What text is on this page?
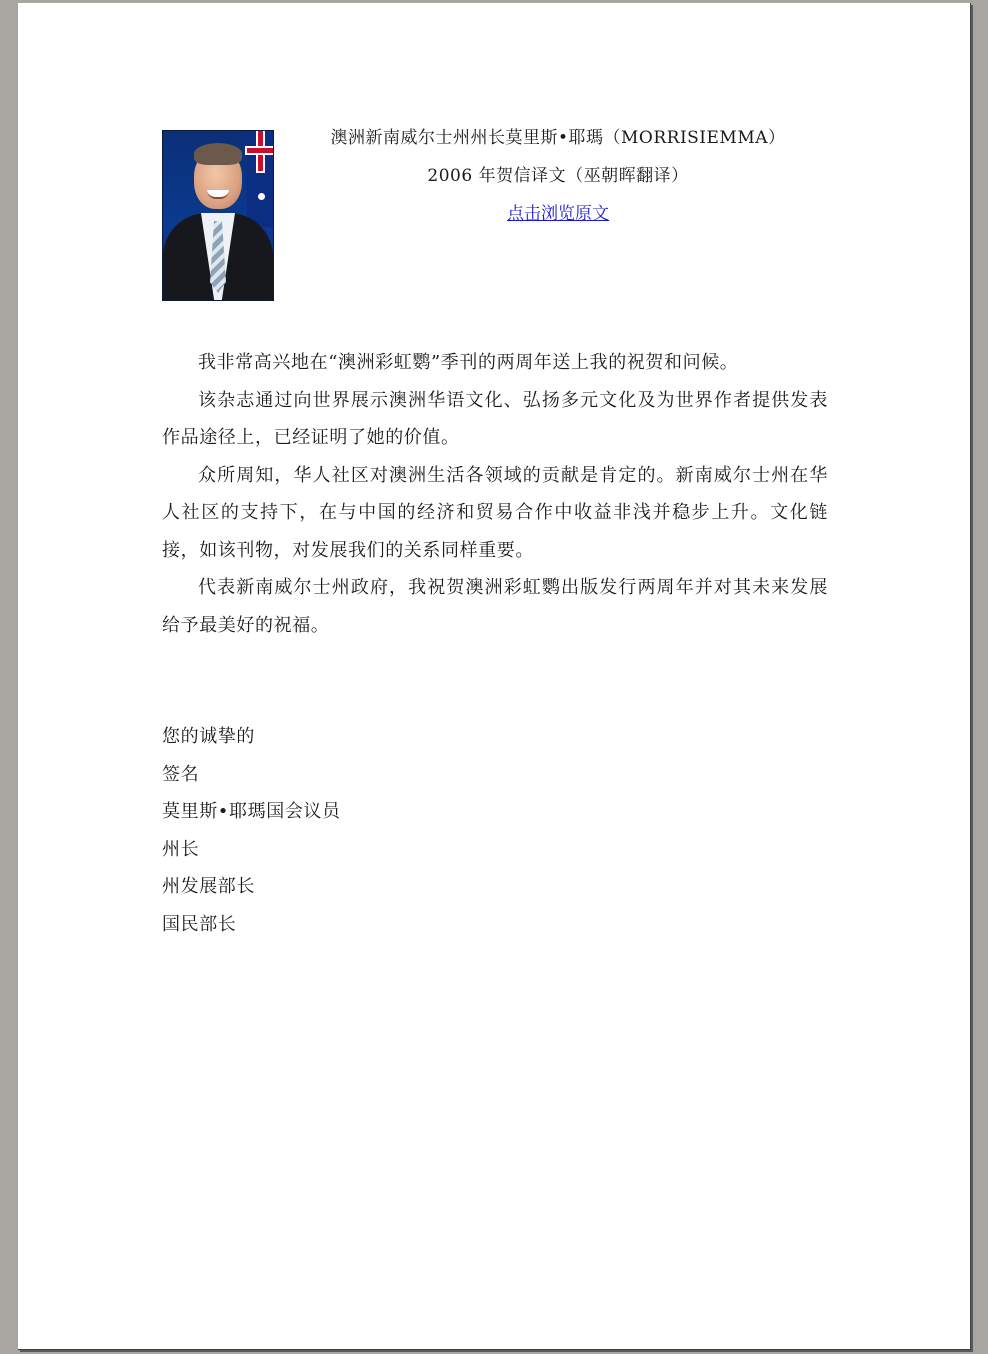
澳洲新南威尔士州州长莫里斯•耶瑪（MORRISIEMMA）
2006 年贺信译文（巫朝晖翻译）
点击浏览原文

我非常高兴地在“澳洲彩虹鹦”季刊的两周年送上我的祝贺和问候。

该杂志通过向世界展示澳洲华语文化、弘扬多元文化及为世界作者提供发表作品途径上，已经证明了她的价值。

众所周知，华人社区对澳洲生活各领域的贡献是肯定的。新南威尔士州在华人社区的支持下，在与中国的经济和贸易合作中收益非浅并稳步上升。文化链接，如该刊物，对发展我们的关系同样重要。

代表新南威尔士州政府，我祝贺澳洲彩虹鹦出版发行两周年并对其未来发展给予最美好的祝福。

您的诚挚的
签名
莫里斯•耶瑪国会议员
州长
州发展部长
国民部长
